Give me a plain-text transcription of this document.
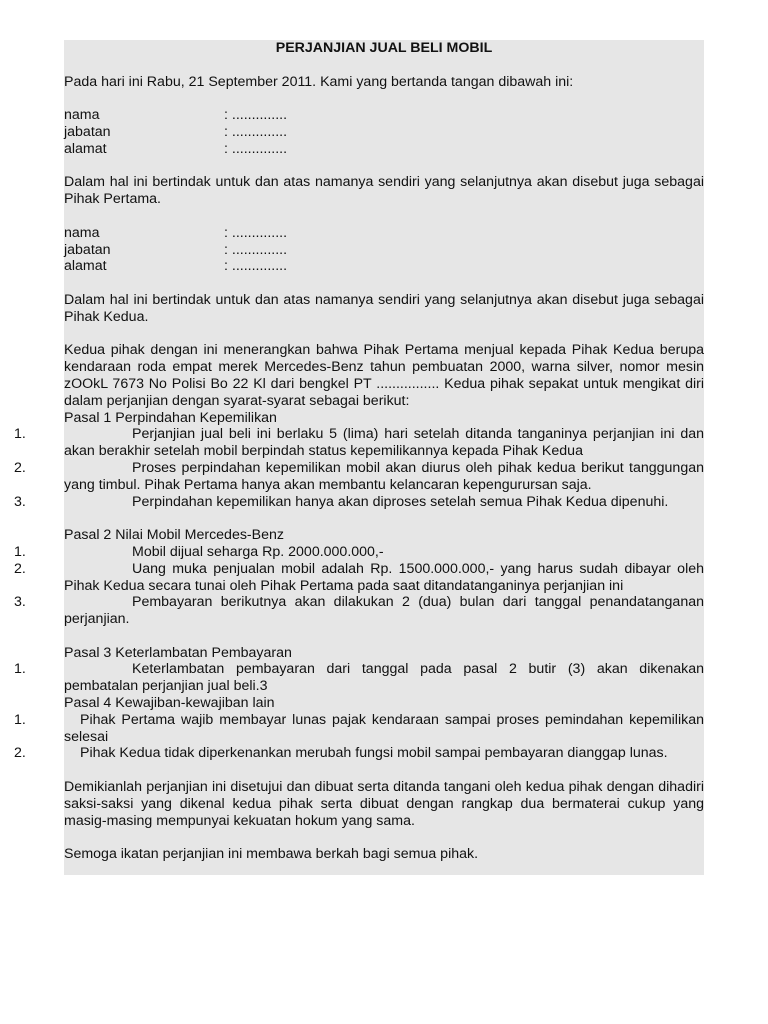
PERJANJIAN JUAL BELI MOBIL

Pada hari ini Rabu, 21 September 2011. Kami yang bertanda tangan dibawah ini:

nama	: ..............
jabatan	: ..............
alamat	: ..............

Dalam hal ini bertindak untuk dan atas namanya sendiri yang selanjutnya akan disebut juga sebagai Pihak Pertama.

nama	: ..............
jabatan	: ..............
alamat	: ..............

Dalam hal ini bertindak untuk dan atas namanya sendiri yang selanjutnya akan disebut juga sebagai Pihak Kedua.

Kedua pihak dengan ini menerangkan bahwa Pihak Pertama menjual kepada Pihak Kedua berupa kendaraan roda empat merek Mercedes-Benz tahun pembuatan 2000, warna silver, nomor mesin zOOkL 7673 No Polisi Bo 22 Kl dari bengkel PT ................ Kedua pihak sepakat untuk mengikat diri dalam perjanjian dengan syarat-syarat sebagai berikut:

Pasal 1 Perpindahan Kepemilikan

1.	Perjanjian jual beli ini berlaku 5 (lima) hari setelah ditanda tanganinya perjanjian ini dan akan berakhir setelah mobil berpindah status kepemilikannya kepada Pihak Kedua
2.	Proses perpindahan kepemilikan mobil akan diurus oleh pihak kedua berikut tanggungan yang timbul. Pihak Pertama hanya akan membantu kelancaran kepengurursan saja.
3.	Perpindahan kepemilikan hanya akan diproses setelah semua Pihak Kedua dipenuhi.

Pasal 2 Nilai Mobil Mercedes-Benz

1.	Mobil dijual seharga Rp. 2000.000.000,-
2.	Uang muka penjualan mobil adalah Rp. 1500.000.000,- yang harus sudah dibayar oleh Pihak Kedua secara tunai oleh Pihak Pertama pada saat ditandatanganinya perjanjian ini
3.	Pembayaran berikutnya akan dilakukan 2 (dua) bulan dari tanggal penandatanganan perjanjian.

Pasal 3 Keterlambatan Pembayaran

1.	Keterlambatan pembayaran dari tanggal pada pasal 2 butir (3) akan dikenakan pembatalan perjanjian jual beli.3

Pasal 4 Kewajiban-kewajiban lain

1.	Pihak Pertama wajib membayar lunas pajak kendaraan sampai proses pemindahan kepemilikan selesai
2.	Pihak Kedua tidak diperkenankan merubah fungsi mobil sampai pembayaran dianggap lunas.

Demikianlah perjanjian ini disetujui dan dibuat serta ditanda tangani oleh kedua pihak dengan dihadiri saksi-saksi yang dikenal kedua pihak serta dibuat dengan rangkap dua bermaterai cukup yang masig-masing mempunyai kekuatan hokum yang sama.

Semoga ikatan perjanjian ini membawa berkah bagi semua pihak.
